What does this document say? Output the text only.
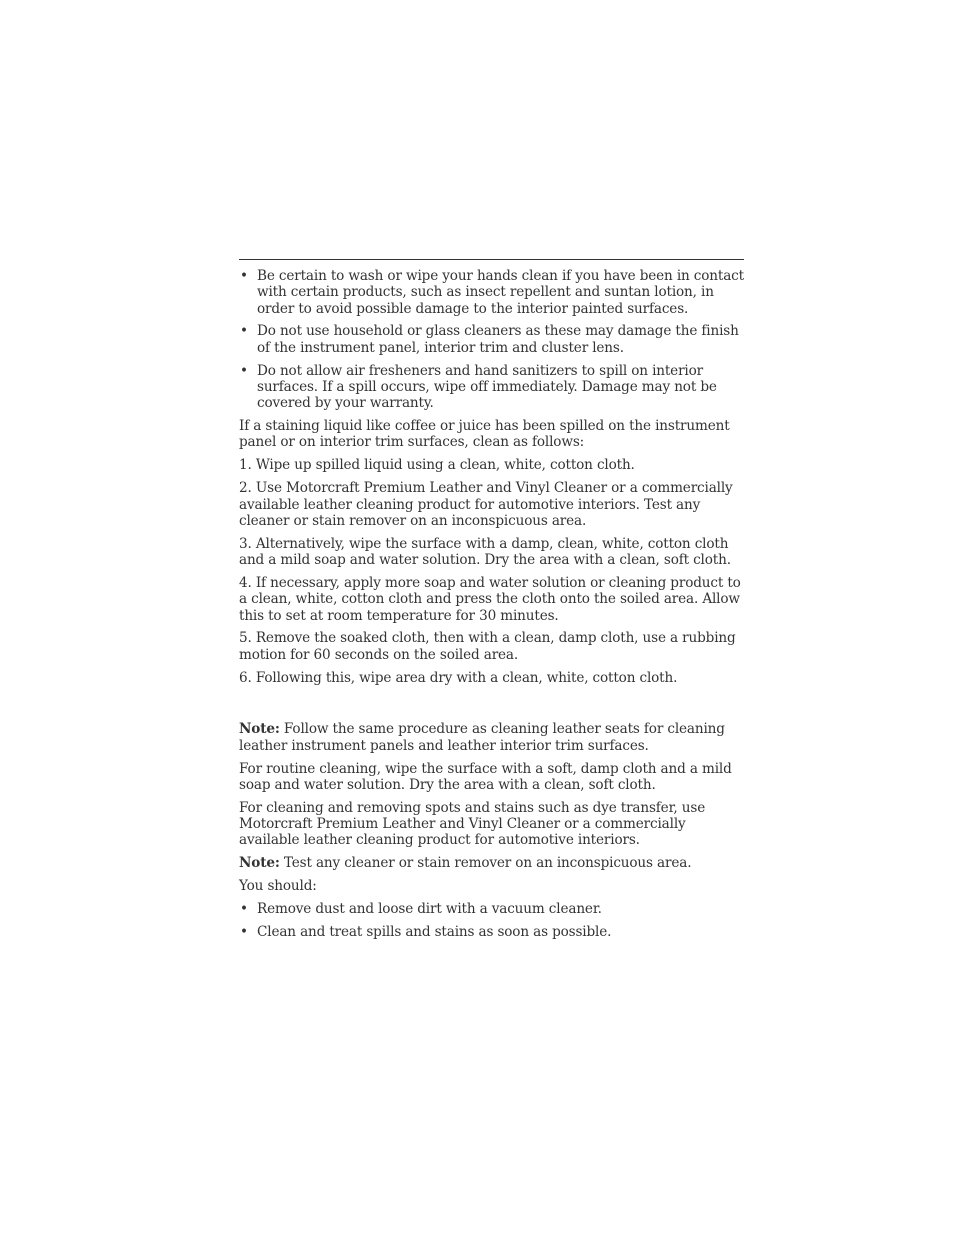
• Be certain to wash or wipe your hands clean if you have been in contact with certain products, such as insect repellent and suntan lotion, in order to avoid possible damage to the interior painted surfaces.
• Do not use household or glass cleaners as these may damage the finish of the instrument panel, interior trim and cluster lens.
• Do not allow air fresheners and hand sanitizers to spill on interior surfaces. If a spill occurs, wipe off immediately. Damage may not be covered by your warranty.

If a staining liquid like coffee or juice has been spilled on the instrument panel or on interior trim surfaces, clean as follows:

1. Wipe up spilled liquid using a clean, white, cotton cloth.

2. Use Motorcraft Premium Leather and Vinyl Cleaner or a commercially available leather cleaning product for automotive interiors. Test any cleaner or stain remover on an inconspicuous area.

3. Alternatively, wipe the surface with a damp, clean, white, cotton cloth and a mild soap and water solution. Dry the area with a clean, soft cloth.

4. If necessary, apply more soap and water solution or cleaning product to a clean, white, cotton cloth and press the cloth onto the soiled area. Allow this to set at room temperature for 30 minutes.

5. Remove the soaked cloth, then with a clean, damp cloth, use a rubbing motion for 60 seconds on the soiled area.

6. Following this, wipe area dry with a clean, white, cotton cloth.

Note: Follow the same procedure as cleaning leather seats for cleaning leather instrument panels and leather interior trim surfaces.

For routine cleaning, wipe the surface with a soft, damp cloth and a mild soap and water solution. Dry the area with a clean, soft cloth.

For cleaning and removing spots and stains such as dye transfer, use Motorcraft Premium Leather and Vinyl Cleaner or a commercially available leather cleaning product for automotive interiors.

Note: Test any cleaner or stain remover on an inconspicuous area.

You should:

• Remove dust and loose dirt with a vacuum cleaner.
• Clean and treat spills and stains as soon as possible.
